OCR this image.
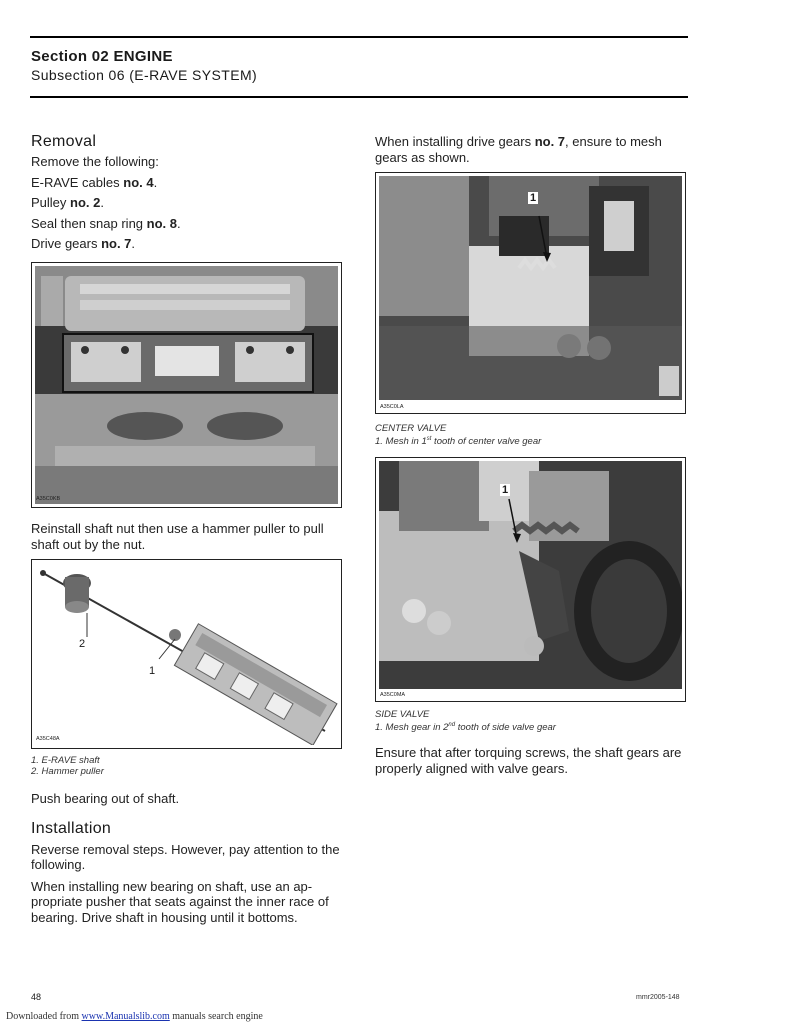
Section 02 ENGINE
Subsection 06 (E-RAVE SYSTEM)
Removal

Remove the following:

E-RAVE cables no. 4.

Pulley no. 2.

Seal then snap ring no. 8.

Drive gears no. 7.

A35C0KB

Reinstall shaft nut then use a hammer puller to pull shaft out by the nut.

2
1
A35C48A

1. E-RAVE shaft

2. Hammer puller

Push bearing out of shaft.

Installation

Reverse removal steps. However, pay attention to the following.

When installing new bearing on shaft, use an ap-propriate pusher that seats against the inner race of bearing. Drive shaft in housing until it bottoms.

When installing drive gears no. 7, ensure to mesh gears as shown.

1
A35C0LA

CENTER VALVE

1. Mesh in 1st tooth of center valve gear

1
A35C0MA

SIDE VALVE

1. Mesh gear in 2nd tooth of side valve gear

Ensure that after torquing screws, the shaft gears are properly aligned with valve gears.

48	mmr2005-148
Downloaded from www.Manualslib.com manuals search engine
